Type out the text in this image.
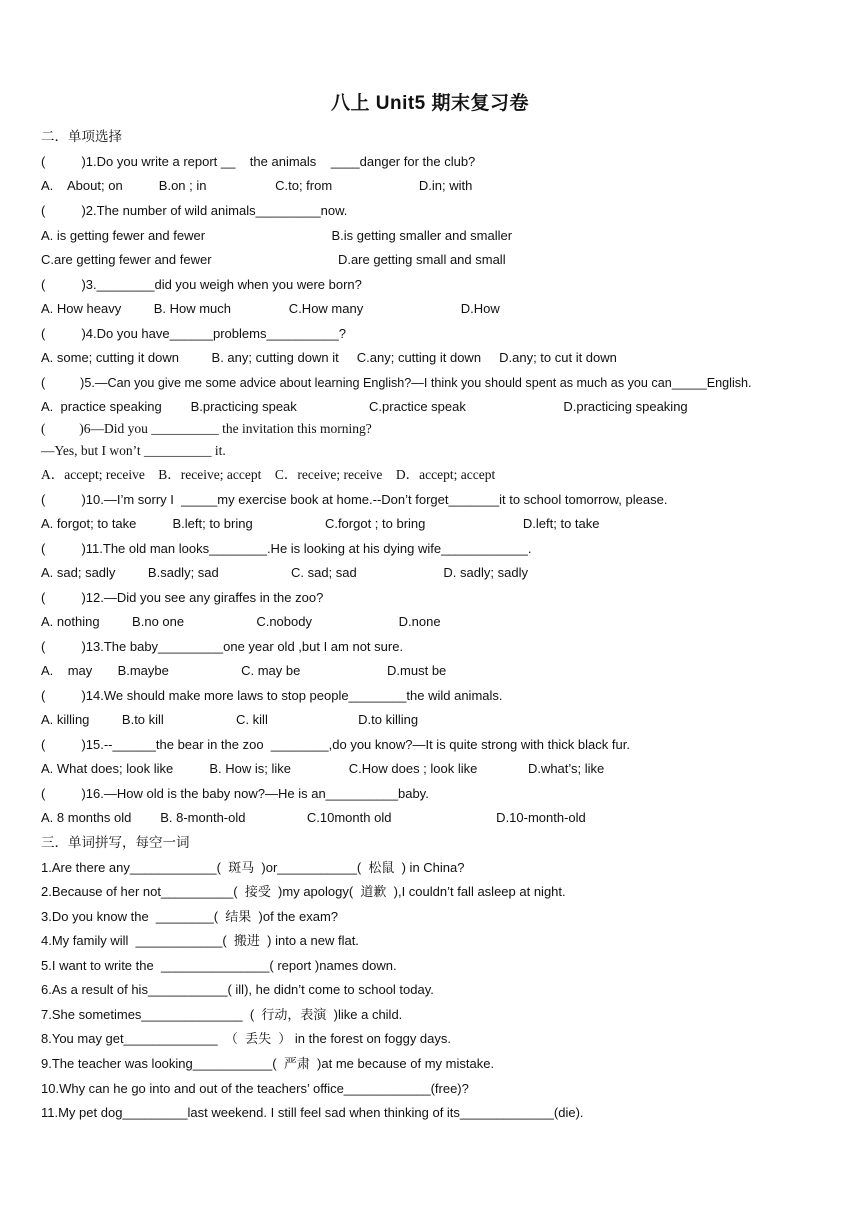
八上 Unit5 期末复习卷
二．单项选择
(          )1.Do you write a report __    the animals    ____danger for the club?
A.    About; on          B.on ; in                   C.to; from                        D.in; with
(          )2.The number of wild animals_________now.
A. is getting fewer and fewer                                   B.is getting smaller and smaller
C.are getting fewer and fewer                                   D.are getting small and small
(          )3.________did you weigh when you were born?
A. How heavy         B. How much                C.How many                           D.How
(          )4.Do you have______problems__________?
A. some; cutting it down         B. any; cutting down it     C.any; cutting it down     D.any; to cut it down
(          )5.—Can you give me some advice about learning English?—I think you should spent as much as you can_____English.
A.  practice speaking        B.practicing speak                    C.practice speak                           D.practicing speaking
(          )6—Did you __________ the invitation this morning?
—Yes, but I won’t __________ it.
A．accept; receive    B．receive; accept    C．receive; receive    D．accept; accept
(          )10.—I’m sorry I  _____my exercise book at home.--Don’t forget_______it to school tomorrow, please.
A. forgot; to take          B.left; to bring                    C.forgot ; to bring                           D.left; to take
(          )11.The old man looks________.He is looking at his dying wife____________.
A. sad; sadly         B.sadly; sad                    C. sad; sad                        D. sadly; sadly
(          )12.—Did you see any giraffes in the zoo?
A. nothing         B.no one                    C.nobody                        D.none
(          )13.The baby_________one year old ,but I am not sure.
A.    may       B.maybe                    C. may be                        D.must be
(          )14.We should make more laws to stop people________the wild animals.
A. killing         B.to kill                    C. kill                         D.to killing
(          )15.--______the bear in the zoo  ________,do you know?—It is quite strong with thick black fur.
A. What does; look like          B. How is; like                C.How does ; look like              D.what’s; like
(          )16.—How old is the baby now?—He is an__________baby.
A. 8 months old        B. 8-month-old                 C.10month old                             D.10-month-old
三．单词拼写，每空一词
1.Are there any____________(  斑马  )or___________(  松鼠  ) in China?
2.Because of her not__________(  接受  )my apology(  道歉  ),I couldn’t fall asleep at night.
3.Do you know the  ________(  结果  )of the exam?
4.My family will  ____________(  搬进  ) into a new flat.
5.I want to write the  _______________( report )names down.
6.As a result of his___________( ill), he didn’t come to school today.
7.She sometimes______________  (  行动，表演  )like a child.
8.You may get_____________  （  丢失  ） in the forest on foggy days.
9.The teacher was looking___________(  严肃  )at me because of my mistake.
10.Why can he go into and out of the teachers’ office____________(free)?
11.My pet dog_________last weekend. I still feel sad when thinking of its_____________(die).
